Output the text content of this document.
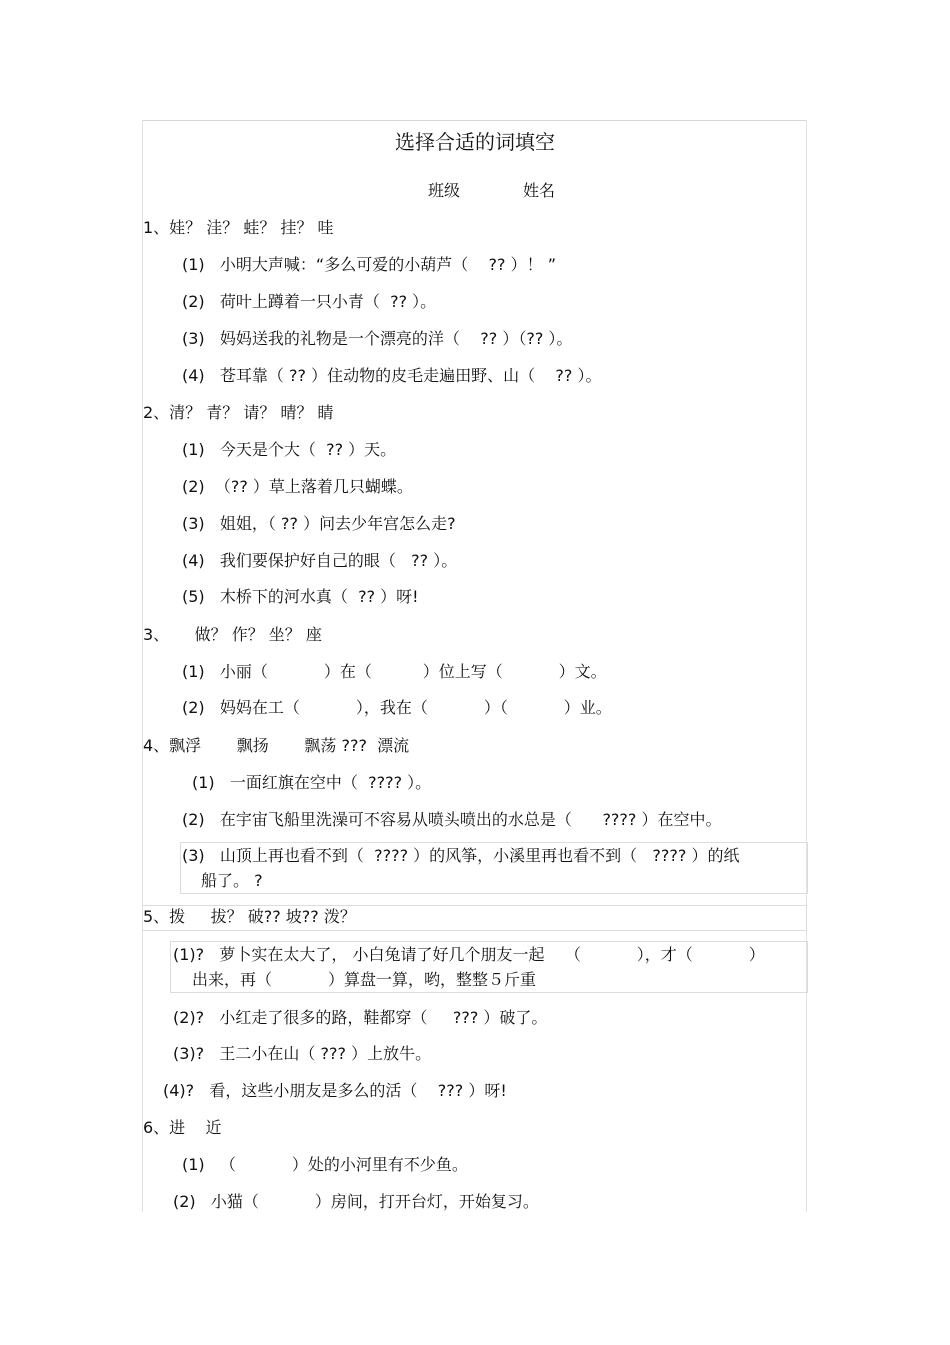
选择合适的词填空
班级	姓名
1、娃？ 洼？ 蛙？ 挂？ 哇
(1)   小明大声喊：“多么可爱的小葫芦（    ?? ）！ ”
(2)   荷叶上蹲着一只小青（  ?? ）。
(3)   妈妈送我的礼物是一个漂亮的洋（    ?? ）（?? ）。
(4)   苍耳靠（ ?? ）住动物的皮毛走遍田野、山（    ?? ）。
2、清？ 青？ 请？ 晴？ 睛
(1)   今天是个大（  ?? ）天。
(2)  （?? ）草上落着几只蝴蝶。
(3)   姐姐，（ ?? ）问去少年宫怎么走?
(4)   我们要保护好自己的眼（   ?? ）。
(5)   木桥下的河水真（  ?? ）呀!
3、     做？ 作？ 坐？ 座
(1)   小丽（           ）在（          ）位上写（           ）文。
(2)   妈妈在工（           ），我在（           ）（           ）业。
4、飘浮       飘扬       飘荡 ???  漂流
(1)   一面红旗在空中（  ???? ）。
(2)   在宇宙飞船里洗澡可不容易从喷头喷出的水总是（      ???? ）在空中。
(3)   山顶上再也看不到（  ???? ）的风筝，小溪里再也看不到（   ???? ）的纸
船了。 ?
5、拨     拔？ 破?? 坡?? 泼？
(1)?   萝卜实在太大了， 小白兔请了好几个朋友一起    （           ），才（           ）
出来，再（           ）算盘一算，哟，整整５斤重
(2)?   小红走了很多的路，鞋都穿（     ??? ）破了。
(3)?   王二小在山（ ??? ）上放牛。
(4)?   看，这些小朋友是多么的活（    ??? ）呀!
6、进    近
(1)   （           ）处的小河里有不少鱼。
(2)   小猫（           ）房间，打开台灯，开始复习。
